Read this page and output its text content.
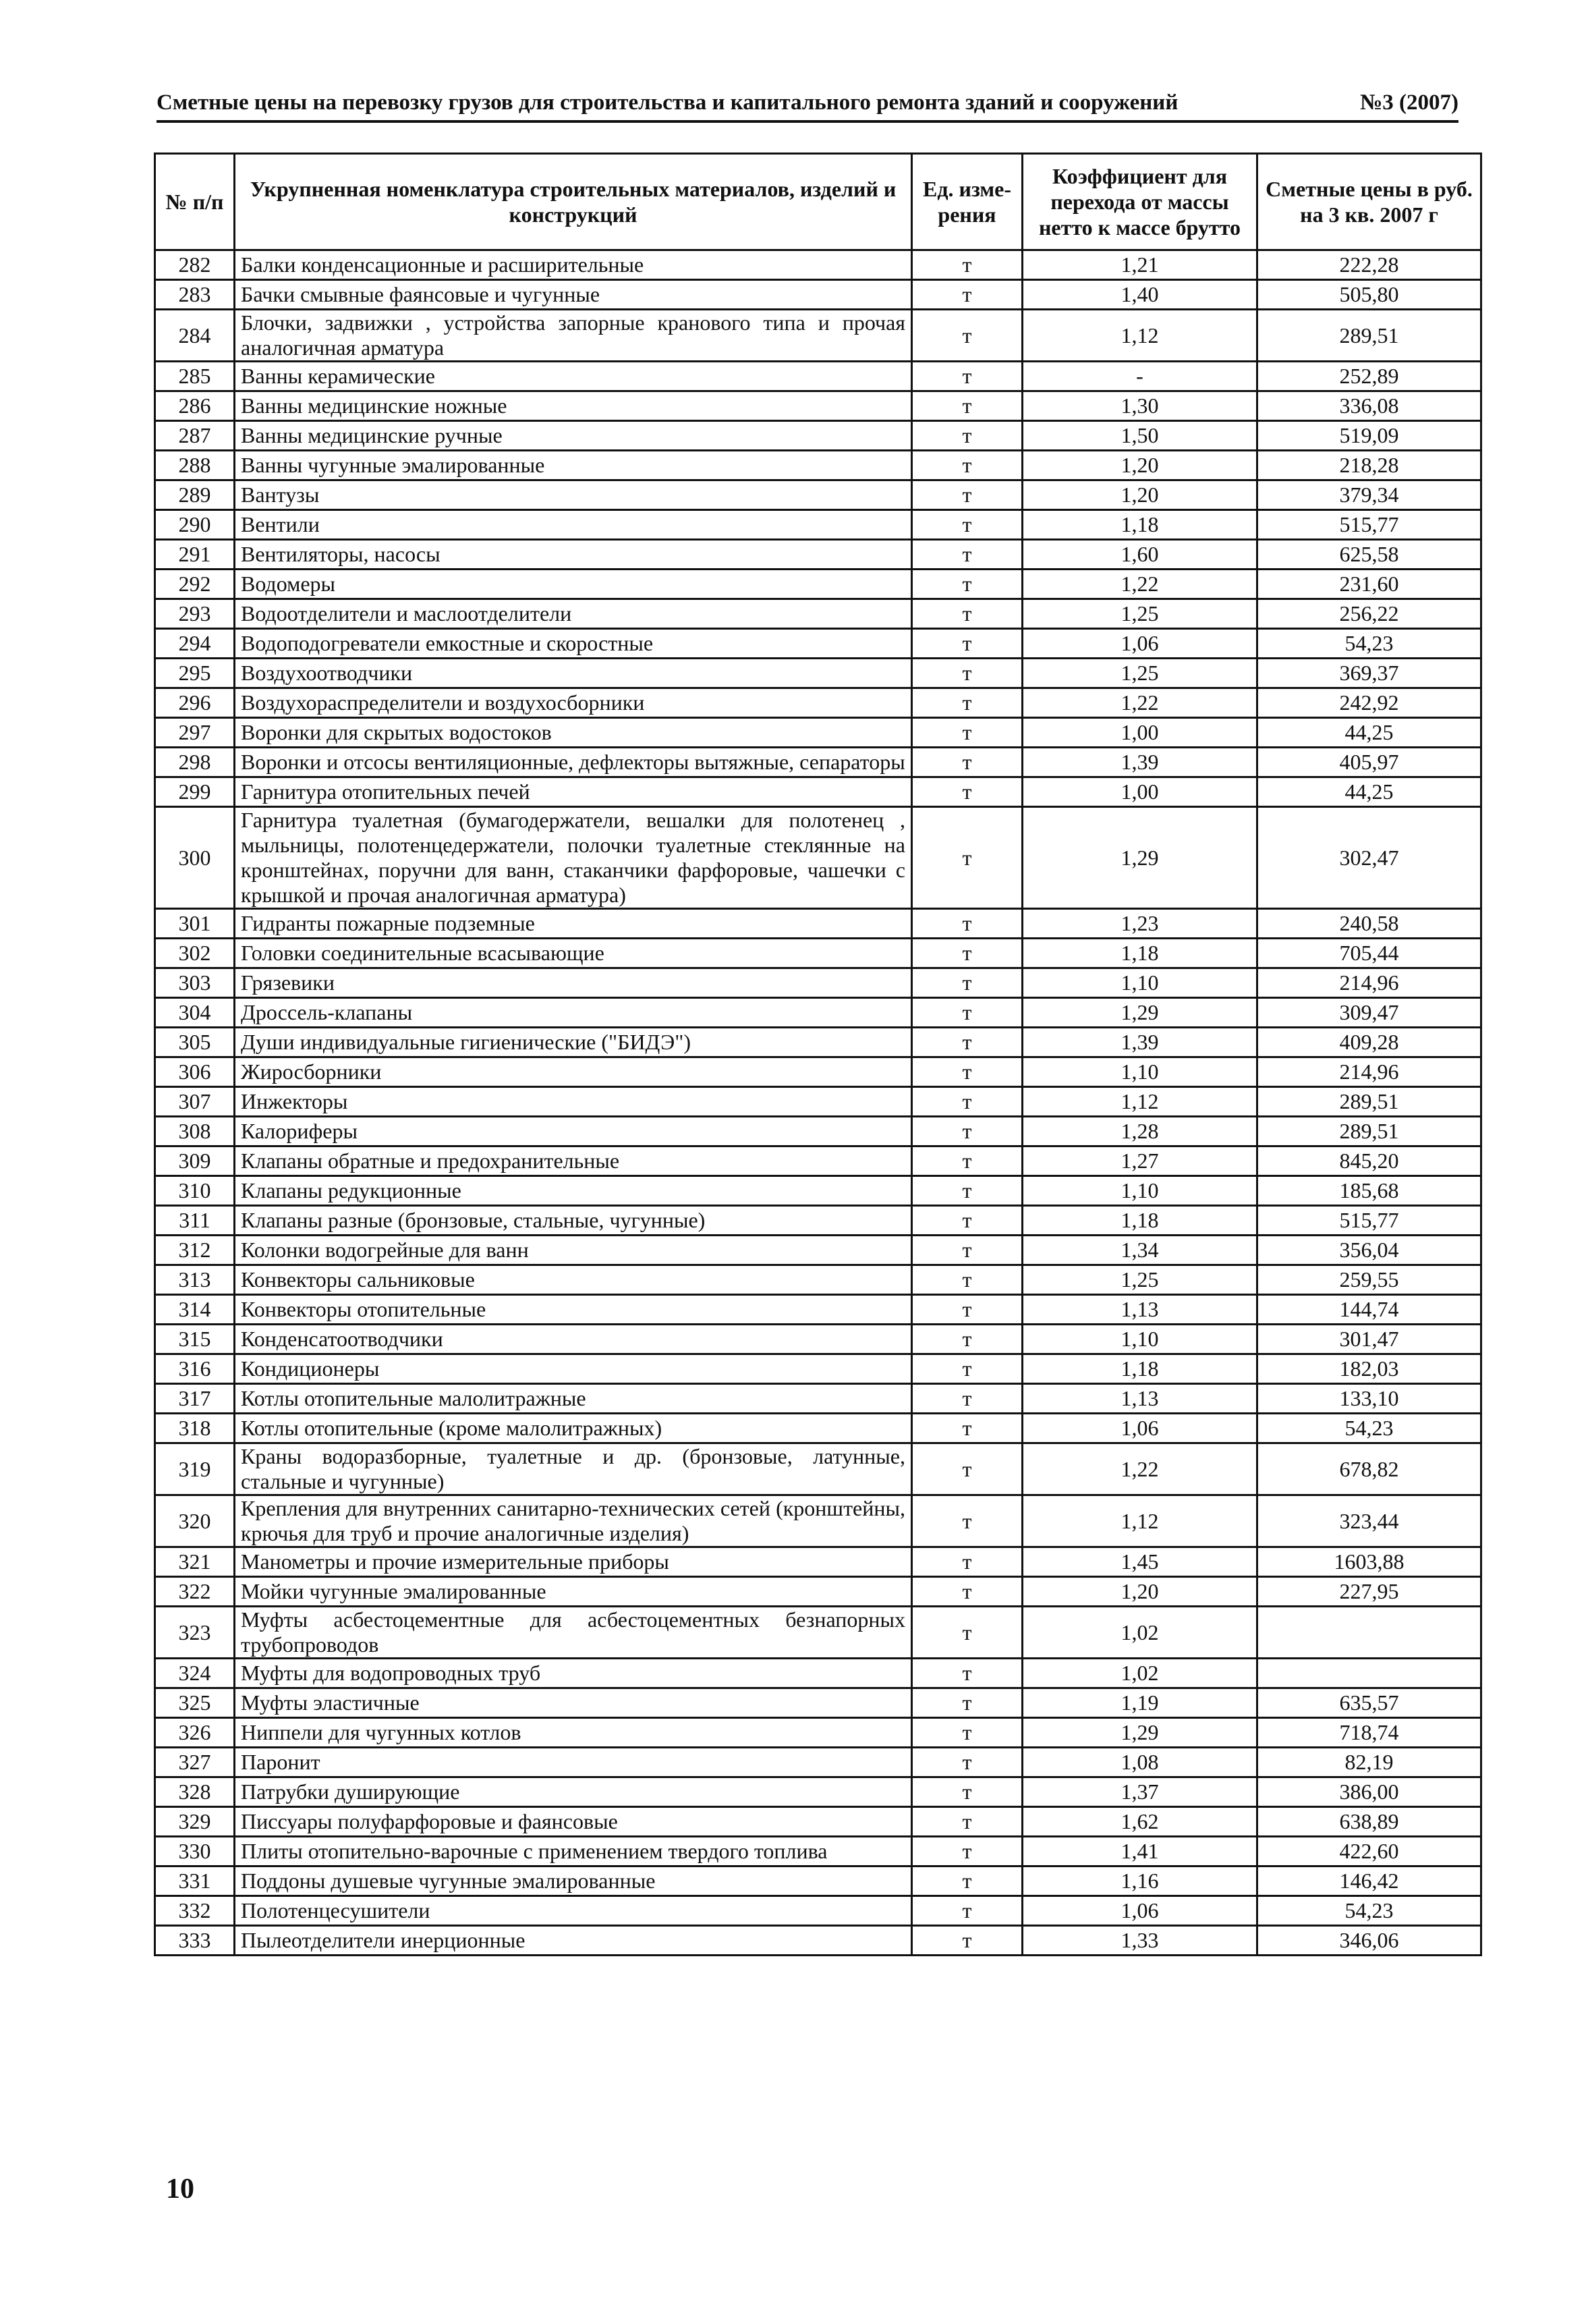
Сметные цены на перевозку грузов для строительства и капитального ремонта зданий и сооружений	№3 (2007)
№ п/п	Укрупненная номенклатура строительных материалов, изделий и конструкций	Ед. изме-рения	Коэффициент для перехода от массы нетто к массе брутто	Сметные цены в руб. на 3 кв. 2007 г
282	Балки конденсационные и расширительные	т	1,21	222,28
283	Бачки смывные фаянсовые и чугунные	т	1,40	505,80
284	Блочки, задвижки , устройства запорные кранового типа и прочая аналогичная арматура	т	1,12	289,51
285	Ванны керамические	т	-	252,89
286	Ванны медицинские ножные	т	1,30	336,08
287	Ванны медицинские ручные	т	1,50	519,09
288	Ванны чугунные эмалированные	т	1,20	218,28
289	Вантузы	т	1,20	379,34
290	Вентили	т	1,18	515,77
291	Вентиляторы, насосы	т	1,60	625,58
292	Водомеры	т	1,22	231,60
293	Водоотделители и маслоотделители	т	1,25	256,22
294	Водоподогреватели емкостные и скоростные	т	1,06	54,23
295	Воздухоотводчики	т	1,25	369,37
296	Воздухораспределители и воздухосборники	т	1,22	242,92
297	Воронки для скрытых водостоков	т	1,00	44,25
298	Воронки и отсосы вентиляционные, дефлекторы вытяжные, сепараторы	т	1,39	405,97
299	Гарнитура отопительных печей	т	1,00	44,25
300	Гарнитура туалетная (бумагодержатели, вешалки для полотенец , мыльницы, полотенцедержатели, полочки туалетные стеклянные на кронштейнах, поручни для ванн, стаканчики фарфоровые, чашечки с крышкой и прочая аналогичная арматура)	т	1,29	302,47
301	Гидранты пожарные подземные	т	1,23	240,58
302	Головки соединительные всасывающие	т	1,18	705,44
303	Грязевики	т	1,10	214,96
304	Дроссель-клапаны	т	1,29	309,47
305	Души индивидуальные гигиенические ("БИДЭ")	т	1,39	409,28
306	Жиросборники	т	1,10	214,96
307	Инжекторы	т	1,12	289,51
308	Калориферы	т	1,28	289,51
309	Клапаны обратные и предохранительные	т	1,27	845,20
310	Клапаны редукционные	т	1,10	185,68
311	Клапаны разные (бронзовые, стальные, чугунные)	т	1,18	515,77
312	Колонки водогрейные для ванн	т	1,34	356,04
313	Конвекторы сальниковые	т	1,25	259,55
314	Конвекторы отопительные	т	1,13	144,74
315	Конденсатоотводчики	т	1,10	301,47
316	Кондиционеры	т	1,18	182,03
317	Котлы отопительные малолитражные	т	1,13	133,10
318	Котлы отопительные (кроме малолитражных)	т	1,06	54,23
319	Краны водоразборные, туалетные и др. (бронзовые, латунные, стальные и чугунные)	т	1,22	678,82
320	Крепления для внутренних санитарно-технических сетей (кронштейны, крючья для труб и прочие аналогичные изделия)	т	1,12	323,44
321	Манометры и прочие измерительные приборы	т	1,45	1603,88
322	Мойки чугунные эмалированные	т	1,20	227,95
323	Муфты асбестоцементные для асбестоцементных безнапорных трубопроводов	т	1,02	
324	Муфты для водопроводных труб	т	1,02	
325	Муфты эластичные	т	1,19	635,57
326	Ниппели для чугунных котлов	т	1,29	718,74
327	Паронит	т	1,08	82,19
328	Патрубки душирующие	т	1,37	386,00
329	Писсуары полуфарфоровые и фаянсовые	т	1,62	638,89
330	Плиты отопительно-варочные с применением твердого топлива	т	1,41	422,60
331	Поддоны душевые чугунные эмалированные	т	1,16	146,42
332	Полотенцесушители	т	1,06	54,23
333	Пылеотделители инерционные	т	1,33	346,06
10
